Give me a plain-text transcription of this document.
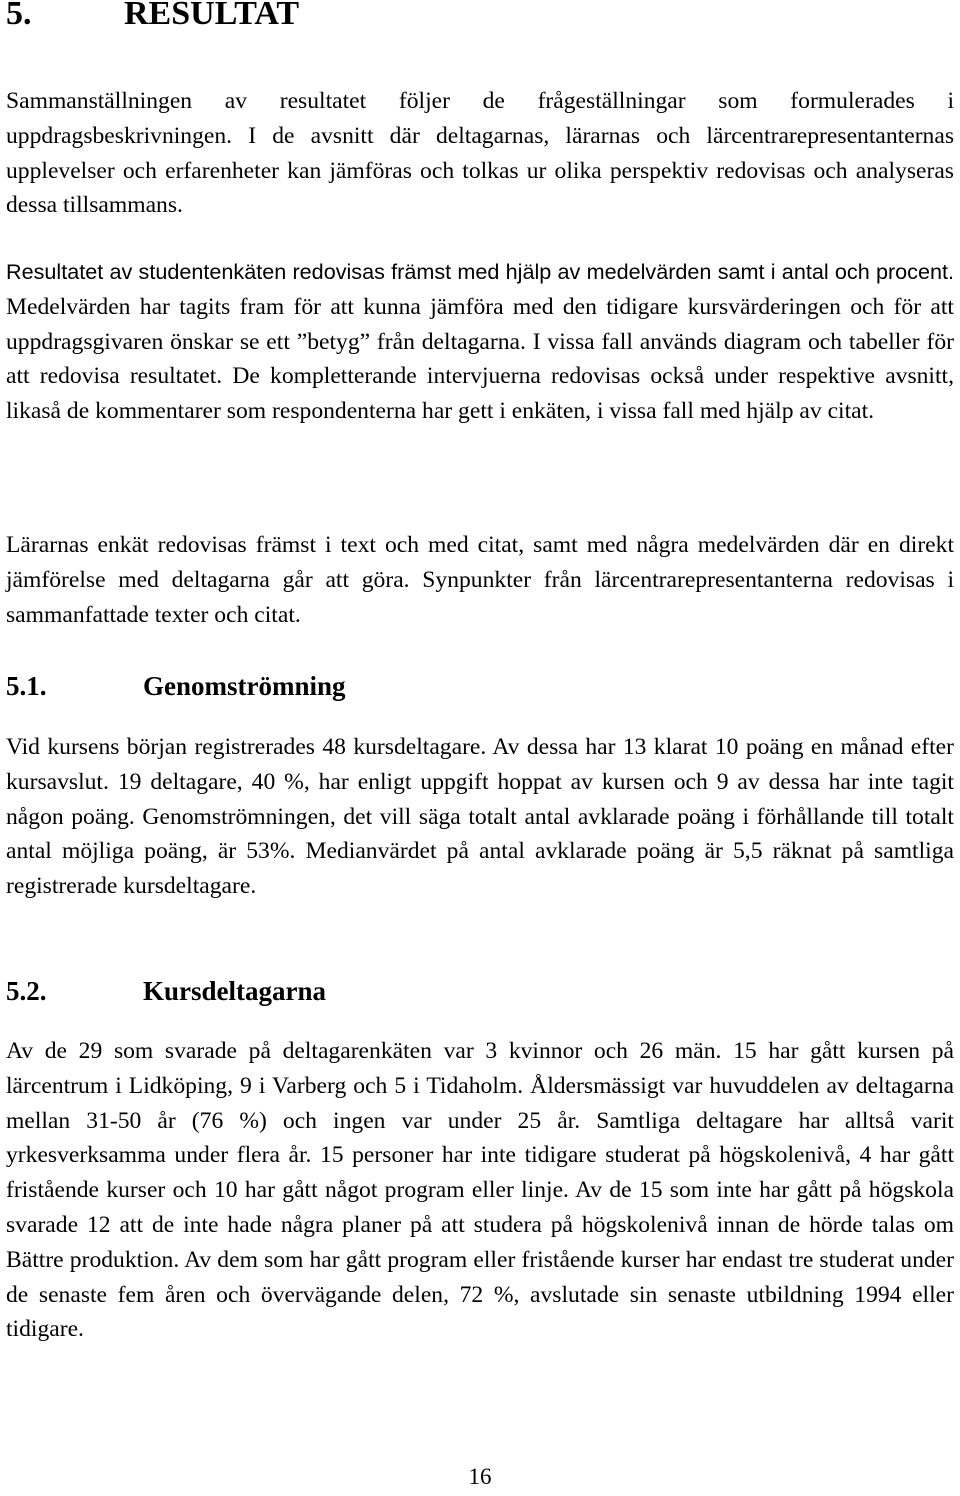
5.	RESULTAT

Sammanställningen av resultatet följer de frågeställningar som formulerades i uppdragsbeskrivningen. I de avsnitt där deltagarnas, lärarnas och lärcentrarepresentanternas upplevelser och erfarenheter kan jämföras och tolkas ur olika perspektiv redovisas och analyseras dessa tillsammans.

Resultatet av studentenkäten redovisas främst med hjälp av medelvärden samt i antal och procent. Medelvärden har tagits fram för att kunna jämföra med den tidigare kursvärderingen och för att uppdragsgivaren önskar se ett ”betyg” från deltagarna. I vissa fall används diagram och tabeller för att redovisa resultatet. De kompletterande intervjuerna redovisas också under respektive avsnitt, likaså de kommentarer som respondenterna har gett i enkäten, i vissa fall med hjälp av citat.

Lärarnas enkät redovisas främst i text och med citat, samt med några medelvärden där en direkt jämförelse med deltagarna går att göra. Synpunkter från lärcentrarepresentanterna redovisas i sammanfattade texter och citat.

5.1.	Genomströmning

Vid kursens början registrerades 48 kursdeltagare. Av dessa har 13 klarat 10 poäng en månad efter kursavslut. 19 deltagare, 40 %, har enligt uppgift hoppat av kursen och 9 av dessa har inte tagit någon poäng. Genomströmningen, det vill säga totalt antal avklarade poäng i förhållande till totalt antal möjliga poäng, är 53%. Medianvärdet på antal avklarade poäng är 5,5 räknat på samtliga registrerade kursdeltagare.

5.2.	Kursdeltagarna

Av de 29 som svarade på deltagarenkäten var 3 kvinnor och 26 män. 15 har gått kursen på lärcentrum i Lidköping, 9 i Varberg och 5 i Tidaholm. Åldersmässigt var huvuddelen av deltagarna mellan 31-50 år (76 %) och ingen var under 25 år. Samtliga deltagare har alltså varit yrkesverksamma under flera år. 15 personer har inte tidigare studerat på högskolenivå, 4 har gått fristående kurser och 10 har gått något program eller linje. Av de 15 som inte har gått på högskola svarade 12 att de inte hade några planer på att studera på högskolenivå innan de hörde talas om Bättre produktion. Av dem som har gått program eller fristående kurser har endast tre studerat under de senaste fem åren och övervägande delen, 72 %, avslutade sin senaste utbildning 1994 eller tidigare.

16
